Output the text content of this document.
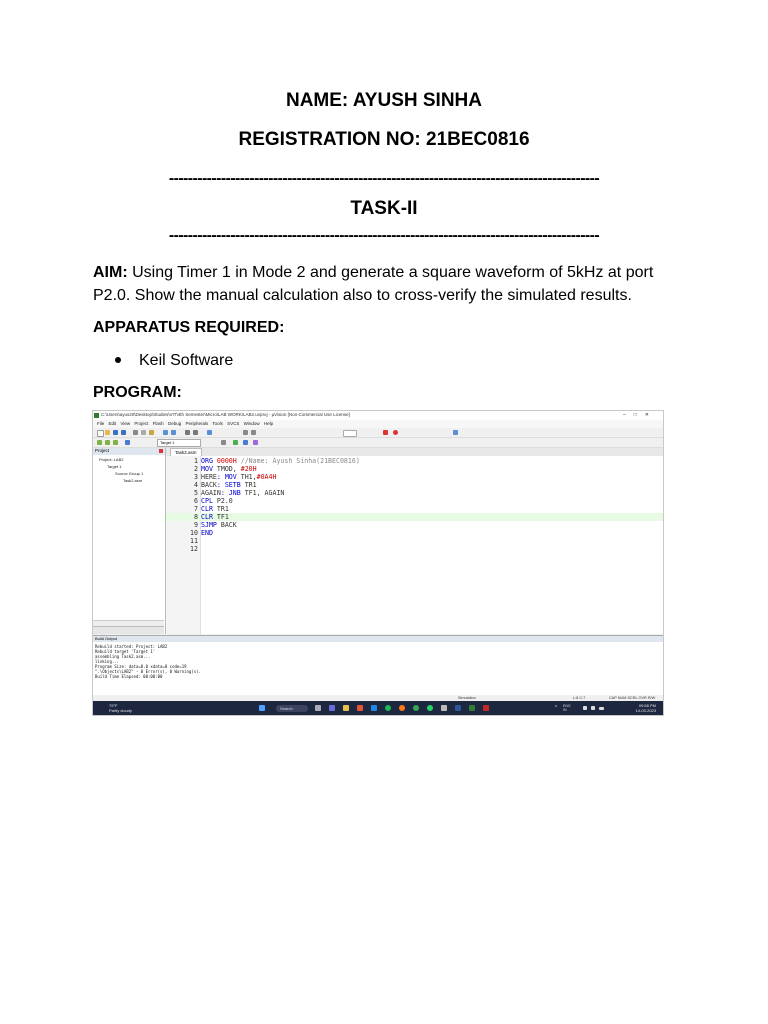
NAME: AYUSH SINHA
REGISTRATION NO: 21BEC0816
-------------------------------------------------------------------------------------------
TASK-II
-------------------------------------------------------------------------------------------
AIM: Using Timer 1 in Mode 2 and generate a square waveform of 5kHz at port P2.0. Show the manual calculation also to cross-verify the simulated results.
APPARATUS REQUIRED:
Keil Software
PROGRAM:
C:\Users\ayus20\Desktop\Studies\VIT\4th Semester\Micro\LAB WORK\LAB2.uvproj - µVision [Non-Commercial Use License]	–□✕
File Edit View Project Flash Debug Peripherals Tools SVCS Window Help
Target 1
Project
Project: LAB2
Target 1
Source Group 1
Task2.asm
Task2.asm
1 ORG 0000H //Name: Ayush Sinha(21BEC0816)
2 MOV TMOD, #20H
3 HERE: MOV TH1,#0A4H
4 BACK: SETB TR1
5 AGAIN: JNB TF1, AGAIN
6 CPL P2.0
7 CLR TR1
8 CLR TF1
9 SJMP BACK
10 END
11
12
Build Output
Rebuild started: Project: LAB2
Rebuild target 'Target 1'
assembling Task2.asm...
linking...
Program Size: data=8.0 xdata=0 code=19
".\Objects\LAB2" - 0 Error(s), 0 Warning(s).
Build Time Elapsed: 00:00:00
Simulation	L:8 C:7	CAP NUM SCRL OVR R/W
79°F
Partly cloudy	Search	^ ENG
IN
09:58 PM
14-03-2023
